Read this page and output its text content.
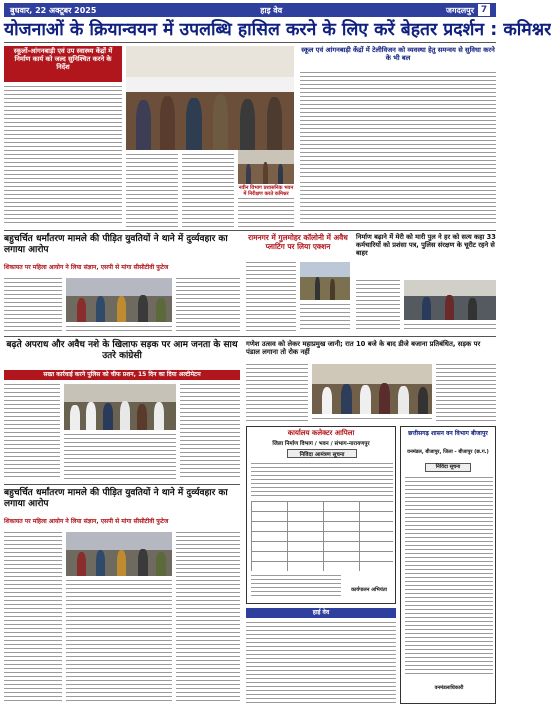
बुधवार, 22 अक्टूबर 2025	हाइ वेव	जगदलपुर 7
योजनाओं के क्रियान्वयन में उपलब्धि हासिल करने के लिए करें बेहतर प्रदर्शन : कमिश्नर
स्कूलों-आंगनबाड़ी एवं उप स्वास्थ्य केंद्रों में निर्माण कार्य को जल्द सुनिश्चित करने के निर्देश
स्कूल एवं आंगनबाड़ी केंद्रों में टेलीविजन को व्यवस्था हेतु समन्वय से सुविधा करने के भी बल
नवीन विभाग प्रशासनिक भवन में निरीक्षण करते कमिश्नर
बहुचर्चित धर्मांतरण मामले की पीड़ित युवतियों ने थाने में दुर्व्यवहार का लगाया आरोप
शिकायत पर महिला आयोग ने लिया संज्ञान, एसपी से मांगा सीसीटीवी फुटेज
रामनगर में गुलमोहर कॉलोनी में अवैध प्लाटिंग पर लिया एक्शन
निर्माण बढ़ाने में मेरी को मारी पुल ने हर को सत्य कहा 33 कर्मचारियों को प्रशंसा पत्र, पुलिस संरक्षण के चूरीट रहने से बाहर
बढ़ते अपराध और अवैध नशे के खिलाफ सड़क पर आम जनता के साथ उतरे कांग्रेसी
सख्त कार्रवाई करने पुलिस को चीफ प्रशन, 15 दिन का दिया अल्टीमेटम
गणेश उत्सव को लेकर महाप्रमुख जानी; रात 10 बजे के बाद डीजे बजाना प्रतिबंधित, सड़क पर पंडाल लगाना तो रोक नहीं
कार्यालय कलेक्टर आपिला
जिला निर्माण विभाग / भवन / संभाग-नारायणपुर
निविदा आमंत्रण सूचना
कार्यपालन अभियंता
छत्तीसगढ़ शासन वन विभाग बीजापुर
वनमंडल, बीजापुर, जिला - बीजापुर (छ.ग.)
निविदा सूचना
वनमंडलाधिकारी
बहुचर्चित धर्मांतरण मामले की पीड़ित युवतियों ने थाने में दुर्व्यवहार का लगाया आरोप
शिकायत पर महिला आयोग ने लिया संज्ञान, एसपी से मांगा सीसीटीवी फुटेज
हाई वेव
